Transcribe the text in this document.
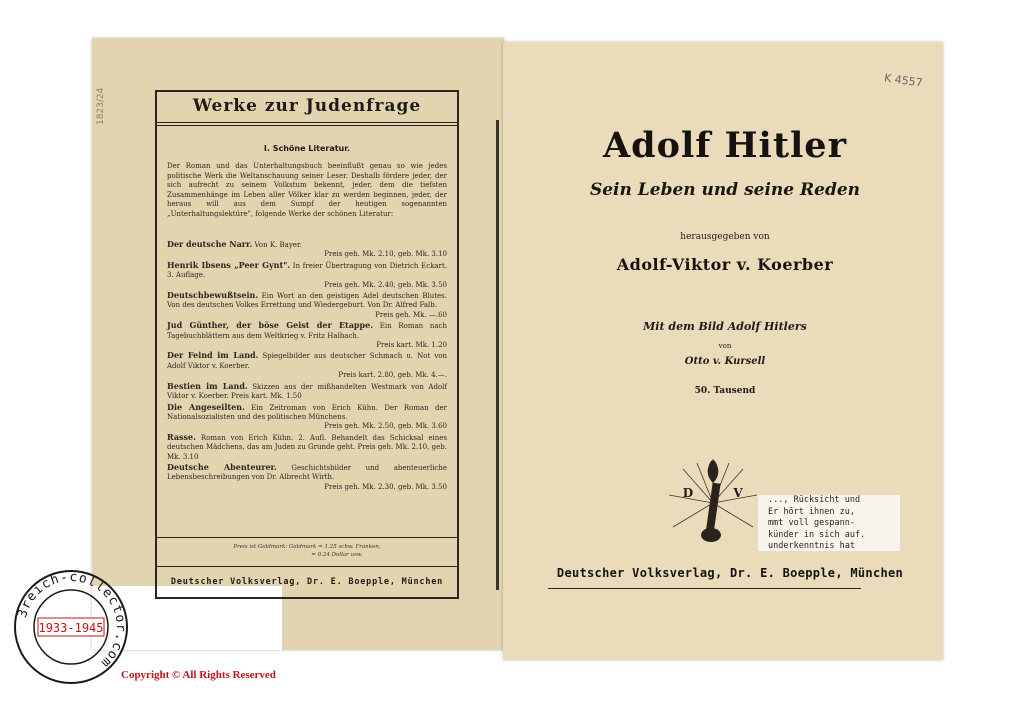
1823/24	Werke zur Judenfrage
I. Schöne Literatur.
Der Roman und das Unterhaltungsbuch beeinflußt genau so wie jedes politische Werk die Weltanschauung seiner Leser. Deshalb fördere jeder, der sich aufrecht zu seinem Volkstum bekennt, jeder, dem die tiefsten Zusammenhänge im Leben aller Völker klar zu werden beginnen, jeder, der heraus will aus dem Sumpf der heutigen sogenannten „Unterhaltungslektüre", folgende Werke der schönen Literatur:
Der deutsche Narr. Von K. Bayer.
Preis geh. Mk. 2.10, geb. Mk. 3.10
Henrik Ibsens „Peer Gynt". In freier Übertragung von Dietrich Eckart. 3. Auflage.
Preis geh. Mk. 2.40, geb. Mk. 3.50
Deutschbewußtsein. Ein Wort an den geistigen Adel deutschen Blutes. Von des deutschen Volkes Errettung und Wiedergeburt. Von Dr. Alfred Falb.
Preis geh. Mk. —.60
Jud Günther, der böse Geist der Etappe. Ein Roman nach Tagebuchblättern aus dem Weltkrieg v. Fritz Halbach.
Preis kart. Mk. 1.20
Der Feind im Land. Spiegelbilder aus deutscher Schmach u. Not von Adolf Viktor v. Koerber.
Preis kart. 2.80, geb. Mk. 4.—.
Bestien im Land. Skizzen aus der mißhandelten Westmark von Adolf Viktor v. Koerber. Preis kart. Mk. 1.50
Die Angeseilten. Ein Zeitroman von Erich Kühn. Der Roman der Nationalsozialisten und des politischen Münchens.
Preis geh. Mk. 2.50, geb. Mk. 3.60
Rasse. Roman von Erich Kühn. 2. Aufl. Behandelt das Schicksal eines deutschen Mädchens, das am Juden zu Grunde geht. Preis geh. Mk. 2.10, geb. Mk. 3.10
Deutsche Abenteurer. Geschichtsbilder und abenteuerliche Lebensbeschreibungen von Dr. Albrecht Wirth.
Preis geh. Mk. 2.30, geb. Mk. 3.50
Preis ist Goldmark: Goldmark = 1.25 schw. Franken,
= 0.24 Dollar usw.
Deutscher Volksverlag, Dr. E. Boepple, München
K 4557
Adolf Hitler
Sein Leben und seine Reden
herausgegeben von
Adolf-Viktor v. Koerber
Mit dem Bild Adolf Hitlers
von
Otto v. Kursell
50. Tausend
D	V	..., Rücksicht und
Er hört ihnen zu,
mmt voll gespann-
künder in sich auf.
underkenntnis hat
Deutscher Volksverlag, Dr. E. Boepple, München
3reich-collector.com
1933-1945
Copyright © All Rights Reserved
